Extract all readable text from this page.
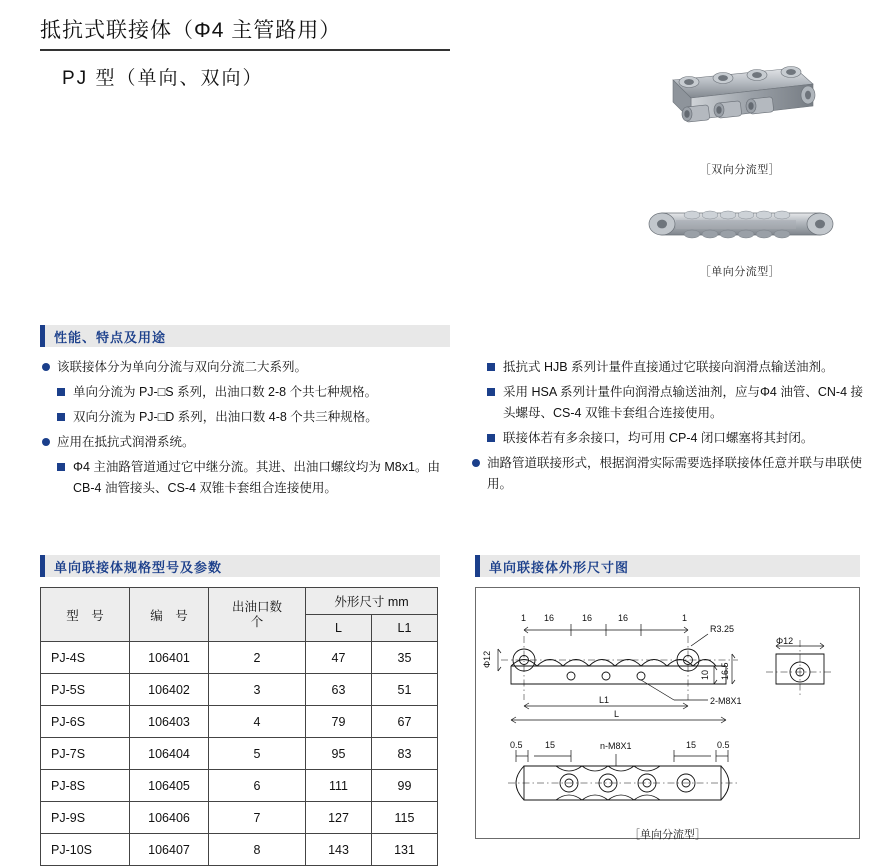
抵抗式联接体（Φ4 主管路用）
PJ 型（单向、双向）
［双向分流型］
［单向分流型］
性能、特点及用途
该联接体分为单向分流与双向分流二大系列。
单向分流为 PJ-□S 系列，出油口数 2-8 个共七种规格。
双向分流为 PJ-□D 系列，出油口数 4-8 个共三种规格。
应用在抵抗式润滑系统。
Φ4 主油路管道通过它中继分流。其进、出油口螺纹均为 M8x1。由 CB-4 油管接头、CS-4 双锥卡套组合连接使用。
抵抗式 HJB 系列计量件直接通过它联接向润滑点输送油剂。
采用 HSA 系列计量件向润滑点输送油剂，应与Φ4 油管、CN-4 接头螺母、CS-4 双锥卡套组合连接使用。
联接体若有多余接口，均可用 CP-4 闭口螺塞将其封闭。
油路管道联接形式，根据润滑实际需要选择联接体任意并联与串联使用。
单向联接体规格型号及参数
型　号	编　号	出油口数
个	外形尺寸 mm	
			L	L1
PJ-4S	106401	2	47	35
PJ-5S	106402	3	63	51
PJ-6S	106403	4	79	67
PJ-7S	106404	5	95	83
PJ-8S	106405	6	111	99
PJ-9S	106406	7	127	115
PJ-10S	106407	8	143	131
单向联接体外形尺寸图
1 16	16	16	1
R3.25
Φ12
10 16.5
2-M8X1
L1
L
Φ12
0.5 15	n-M8X1	15 0.5
［单向分流型］
